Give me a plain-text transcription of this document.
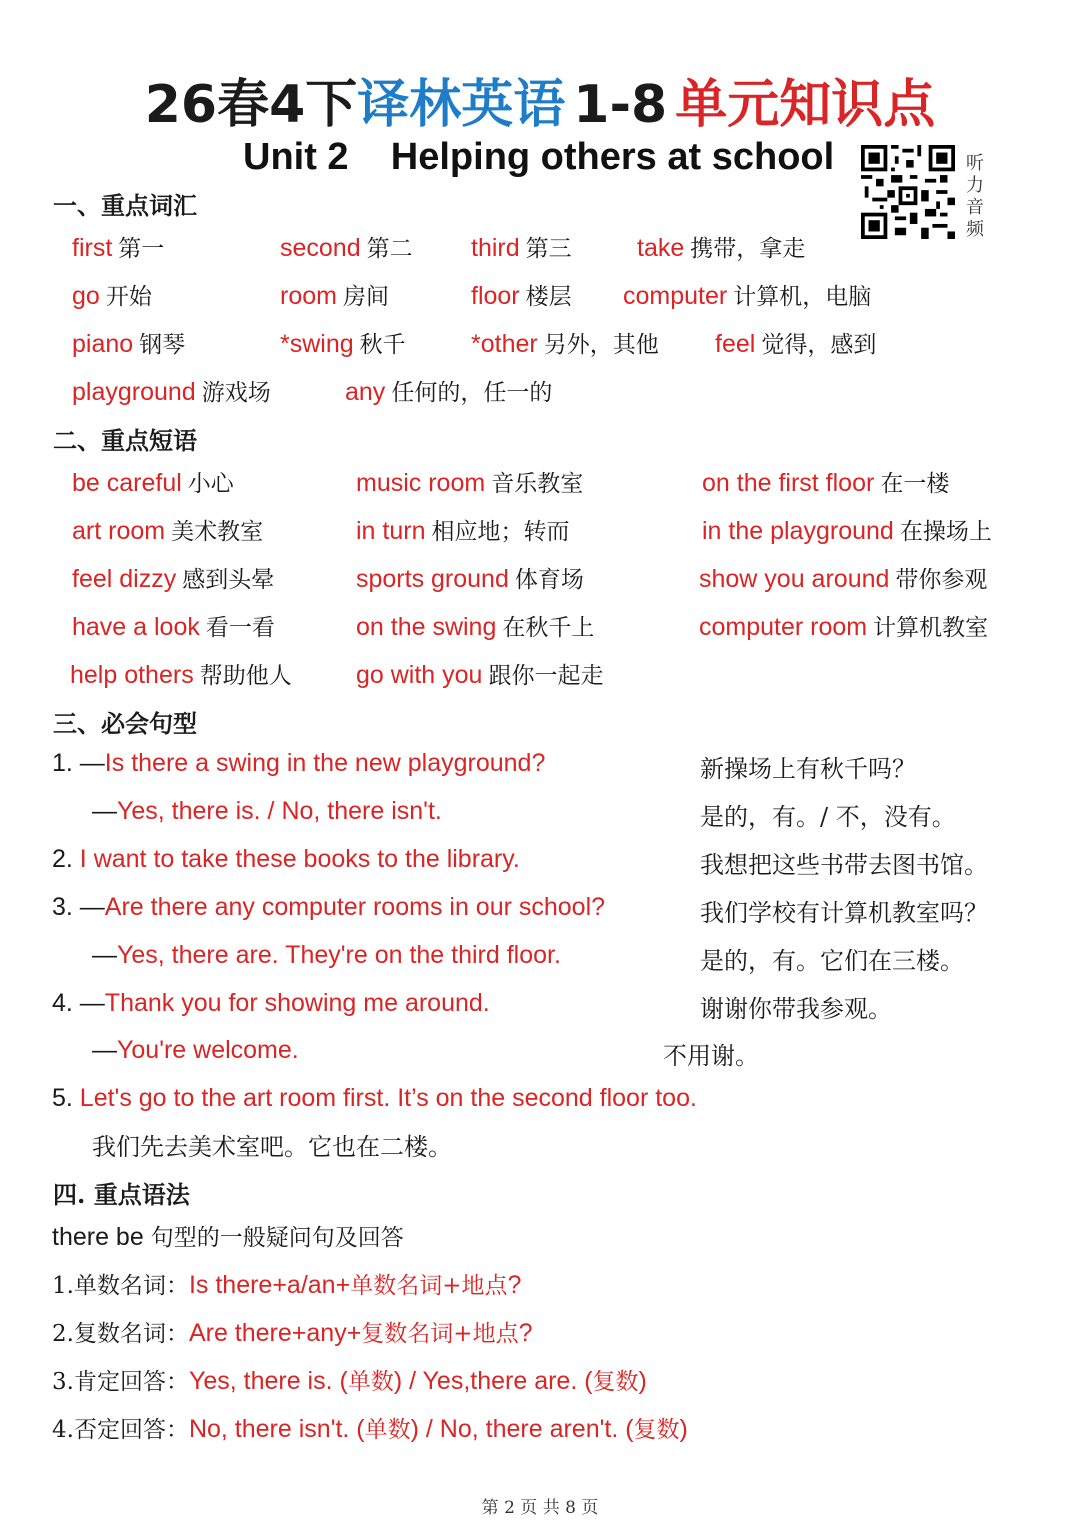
26春4下译林英语 1-8 单元知识点
Unit 2    Helping others at school	听力音频
一、重点词汇
first 第一	second 第二 third 第三	take 携带，拿走
go 开始	room 房间	floor 楼层 computer 计算机，电脑
piano 钢琴	*swing 秋千	*other 另外，其他 feel 觉得，感到
playground 游戏场	any 任何的，任一的
二、重点短语
be careful 小心	music room 音乐教室	on the first floor 在一楼
art room 美术教室	in turn 相应地；转而	in the playground 在操场上
feel dizzy 感到头晕	sports ground 体育场	show you around 带你参观
have a look 看一看	on the swing 在秋千上	computer room 计算机教室
help others 帮助他人	go with you 跟你一起走
三、必会句型
1. —Is there a swing in the new playground?	新操场上有秋千吗？
—Yes, there is. / No, there isn't.	是的，有。/ 不，没有。
2. I want to take these books to the library.	我想把这些书带去图书馆。
3. —Are there any computer rooms in our school?	我们学校有计算机教室吗？
—Yes, there are. They're on the third floor.	是的，有。它们在三楼。
4. —Thank you for showing me around.	谢谢你带我参观。
—You're welcome.	不用谢。
5. Let's go to the art room first. It’s on the second floor too.
我们先去美术室吧。它也在二楼。
四. 重点语法
there be 句型的一般疑问句及回答
1.单数名词：Is there+a/an+单数名词+地点?
2.复数名词：Are there+any+复数名词+地点?
3.肯定回答：Yes, there is. (单数) / Yes,there are. (复数)
4.否定回答：No, there isn't. (单数) / No, there aren't. (复数)
第 2 页 共 8 页
